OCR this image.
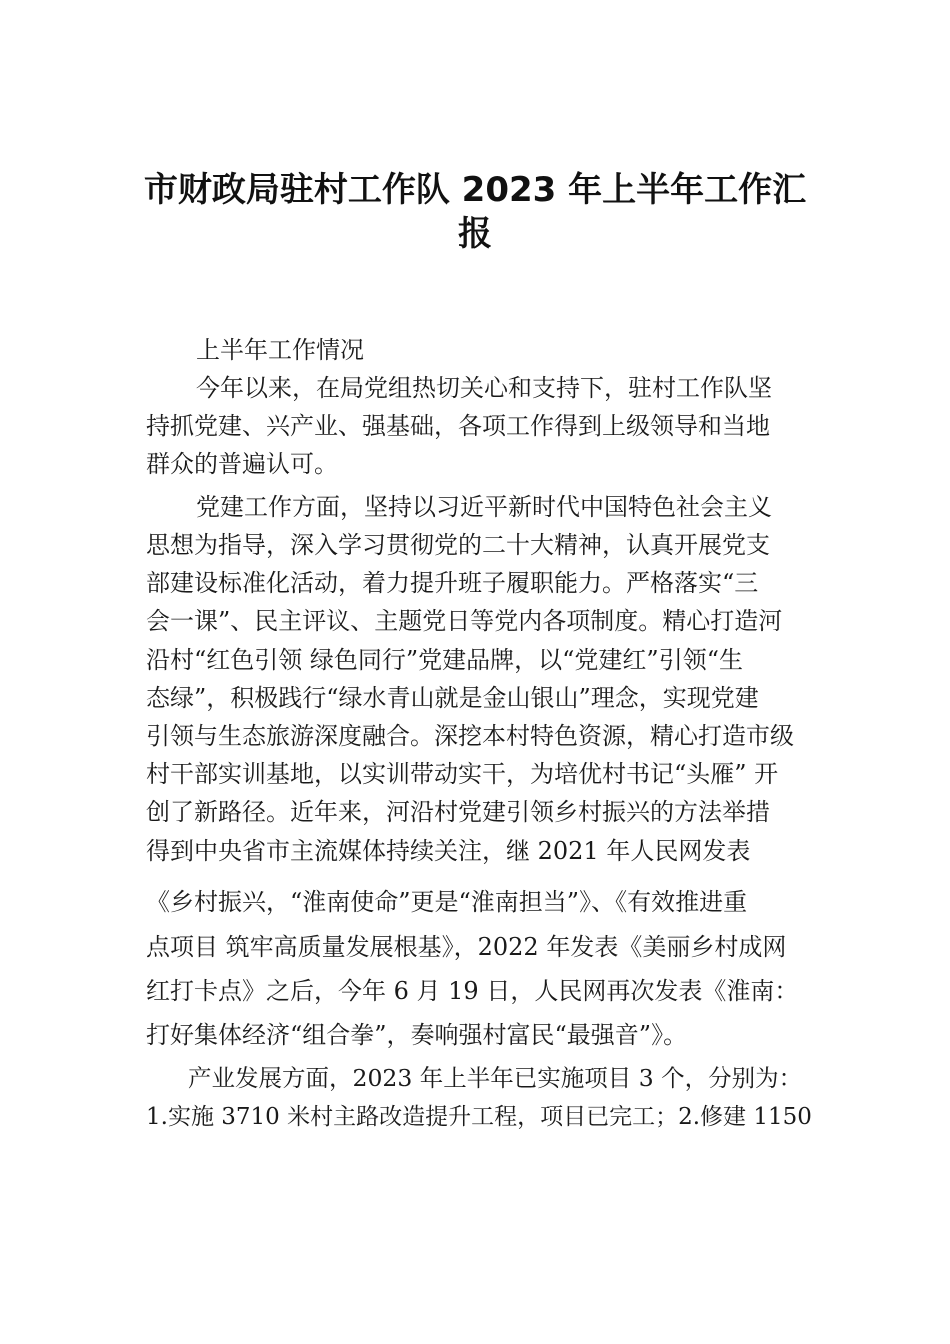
市财政局驻村工作队 2023 年上半年工作汇
报
上半年工作情况
今年以来，在局党组热切关心和支持下，驻村工作队坚
持抓党建、兴产业、强基础，各项工作得到上级领导和当地
群众的普遍认可。
党建工作方面，坚持以习近平新时代中国特色社会主义
思想为指导，深入学习贯彻党的二十大精神，认真开展党支
部建设标准化活动，着力提升班子履职能力。严格落实“三
会一课”、民主评议、主题党日等党内各项制度。精心打造河
沿村“红色引领 绿色同行”党建品牌，以“党建红”引领“生
态绿”，积极践行“绿水青山就是金山银山”理念，实现党建
引领与生态旅游深度融合。深挖本村特色资源，精心打造市级
村干部实训基地，以实训带动实干，为培优村书记“头雁” 开
创了新路径。近年来，河沿村党建引领乡村振兴的方法举措
得到中央省市主流媒体持续关注，继 2021 年人民网发表
《乡村振兴，“淮南使命”更是“淮南担当”》、《有效推进重
点项目 筑牢高质量发展根基》，2022 年发表《美丽乡村成网
红打卡点》之后，今年 6 月 19 日，人民网再次发表《淮南：
打好集体经济“组合拳”，奏响强村富民“最强音”》。
产业发展方面，2023 年上半年已实施项目 3 个，分别为：
1.实施 3710 米村主路改造提升工程，项目已完工；2.修建 1150
